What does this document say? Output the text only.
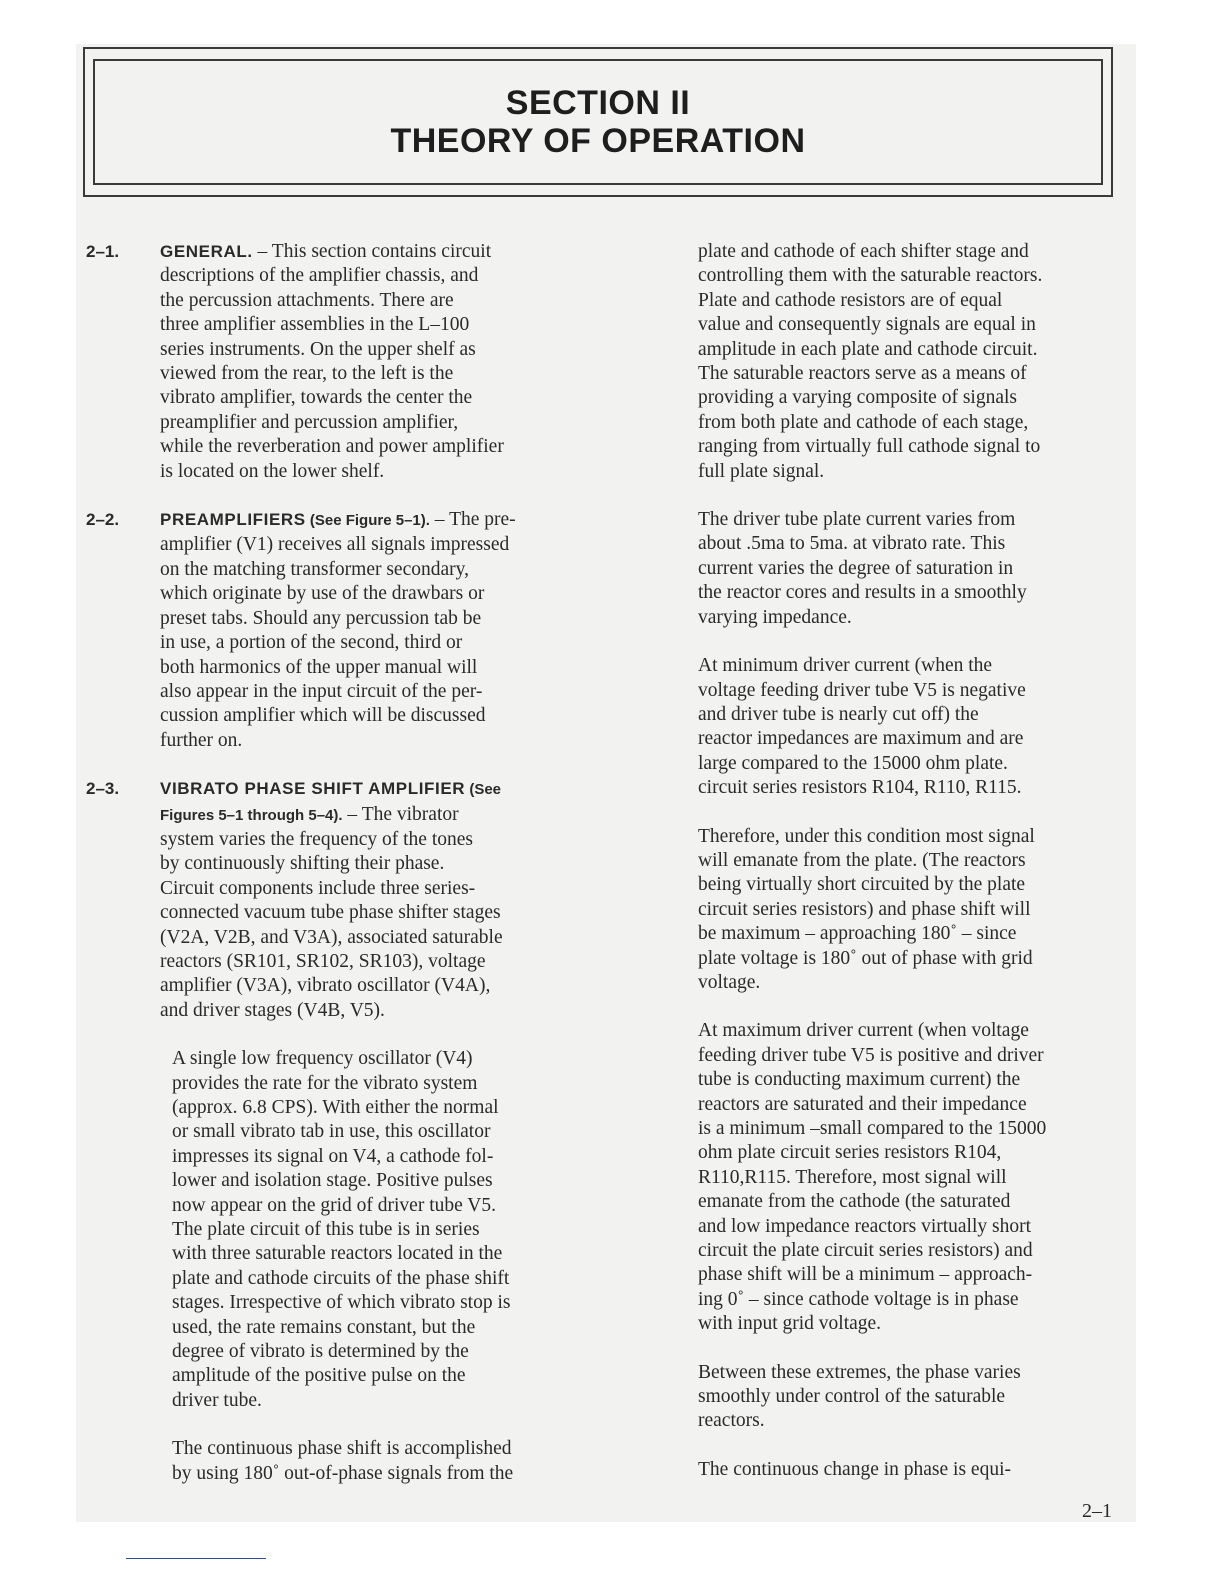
SECTION II
THEORY OF OPERATION
2–1.	GENERAL. – This section contains circuit
descriptions of the amplifier chassis, and
the percussion attachments. There are
three amplifier assemblies in the L–100
series instruments. On the upper shelf as
viewed from the rear, to the left is the
vibrato amplifier, towards the center the
preamplifier and percussion amplifier,
while the reverberation and power amplifier
is located on the lower shelf.
2–2.	PREAMPLIFIERS (See Figure 5–1). – The pre-
amplifier (V1) receives all signals impressed
on the matching transformer secondary,
which originate by use of the drawbars or
preset tabs. Should any percussion tab be
in use, a portion of the second, third or
both harmonics of the upper manual will
also appear in the input circuit of the per-
cussion amplifier which will be discussed
further on.
2–3.	VIBRATO PHASE SHIFT AMPLIFIER (See
Figures 5–1 through 5–4). – The vibrator
system varies the frequency of the tones
by continuously shifting their phase.
Circuit components include three series-
connected vacuum tube phase shifter stages
(V2A, V2B, and V3A), associated saturable
reactors (SR101, SR102, SR103), voltage
amplifier (V3A), vibrato oscillator (V4A),
and driver stages (V4B, V5).
A single low frequency oscillator (V4)
provides the rate for the vibrato system
(approx. 6.8 CPS). With either the normal
or small vibrato tab in use, this oscillator
impresses its signal on V4, a cathode fol-
lower and isolation stage. Positive pulses
now appear on the grid of driver tube V5.
The plate circuit of this tube is in series
with three saturable reactors located in the
plate and cathode circuits of the phase shift
stages. Irrespective of which vibrato stop is
used, the rate remains constant, but the
degree of vibrato is determined by the
amplitude of the positive pulse on the
driver tube.
The continuous phase shift is accomplished
by using 180˚ out-of-phase signals from the
plate and cathode of each shifter stage and
controlling them with the saturable reactors.
Plate and cathode resistors are of equal
value and consequently signals are equal in
amplitude in each plate and cathode circuit.
The saturable reactors serve as a means of
providing a varying composite of signals
from both plate and cathode of each stage,
ranging from virtually full cathode signal to
full plate signal.
The driver tube plate current varies from
about .5ma to 5ma. at vibrato rate. This
current varies the degree of saturation in
the reactor cores and results in a smoothly
varying impedance.
At minimum driver current (when the
voltage feeding driver tube V5 is negative
and driver tube is nearly cut off) the
reactor impedances are maximum and are
large compared to the 15000 ohm plate.
circuit series resistors R104, R110, R115.
Therefore, under this condition most signal
will emanate from the plate. (The reactors
being virtually short circuited by the plate
circuit series resistors) and phase shift will
be maximum – approaching 180˚ – since
plate voltage is 180˚ out of phase with grid
voltage.
At maximum driver current (when voltage
feeding driver tube V5 is positive and driver
tube is conducting maximum current) the
reactors are saturated and their impedance
is a minimum –small compared to the 15000
ohm plate circuit series resistors R104,
R110,R115. Therefore, most signal will
emanate from the cathode (the saturated
and low impedance reactors virtually short
circuit the plate circuit series resistors) and
phase shift will be a minimum – approach-
ing 0˚ – since cathode voltage is in phase
with input grid voltage.
Between these extremes, the phase varies
smoothly under control of the saturable
reactors.
The continuous change in phase is equi-
2–1
